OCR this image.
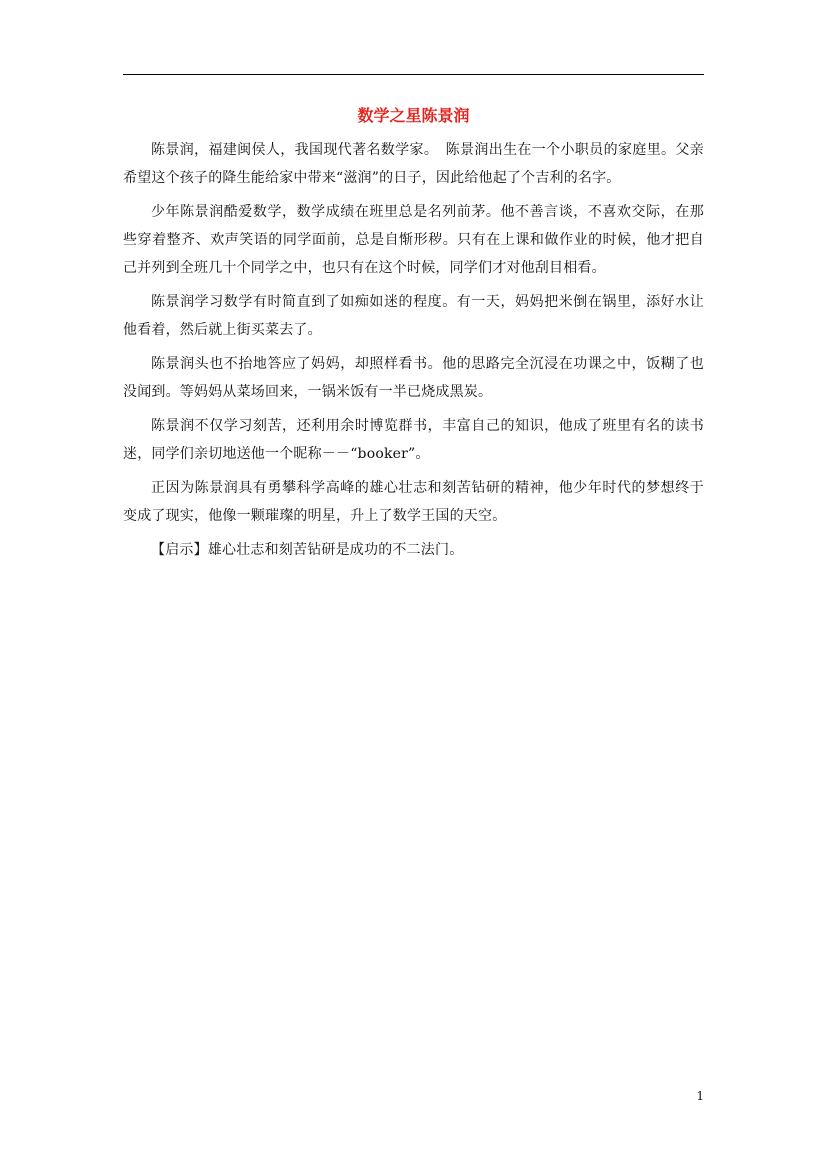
数学之星陈景润

陈景润，福建闽侯人，我国现代著名数学家。　陈景润出生在一个小职员的家庭里。父亲希望这个孩子的降生能给家中带来“滋润”的日子，因此给他起了个吉利的名字。

少年陈景润酷爱数学，数学成绩在班里总是名列前茅。他不善言谈，不喜欢交际，在那些穿着整齐、欢声笑语的同学面前，总是自惭形秽。只有在上课和做作业的时候，他才把自己并列到全班几十个同学之中，也只有在这个时候，同学们才对他刮目相看。

陈景润学习数学有时简直到了如痴如迷的程度。有一天，妈妈把米倒在锅里，添好水让他看着，然后就上街买菜去了。

陈景润头也不抬地答应了妈妈，却照样看书。他的思路完全沉浸在功课之中，饭糊了也没闻到。等妈妈从菜场回来，一锅米饭有一半已烧成黑炭。

陈景润不仅学习刻苦，还利用余时博览群书，丰富自己的知识，他成了班里有名的读书迷，同学们亲切地送他一个昵称－－“booker”。

正因为陈景润具有勇攀科学高峰的雄心壮志和刻苦钻研的精神，他少年时代的梦想终于变成了现实，他像一颗璀璨的明星，升上了数学王国的天空。

【启示】雄心壮志和刻苦钻研是成功的不二法门。

1
